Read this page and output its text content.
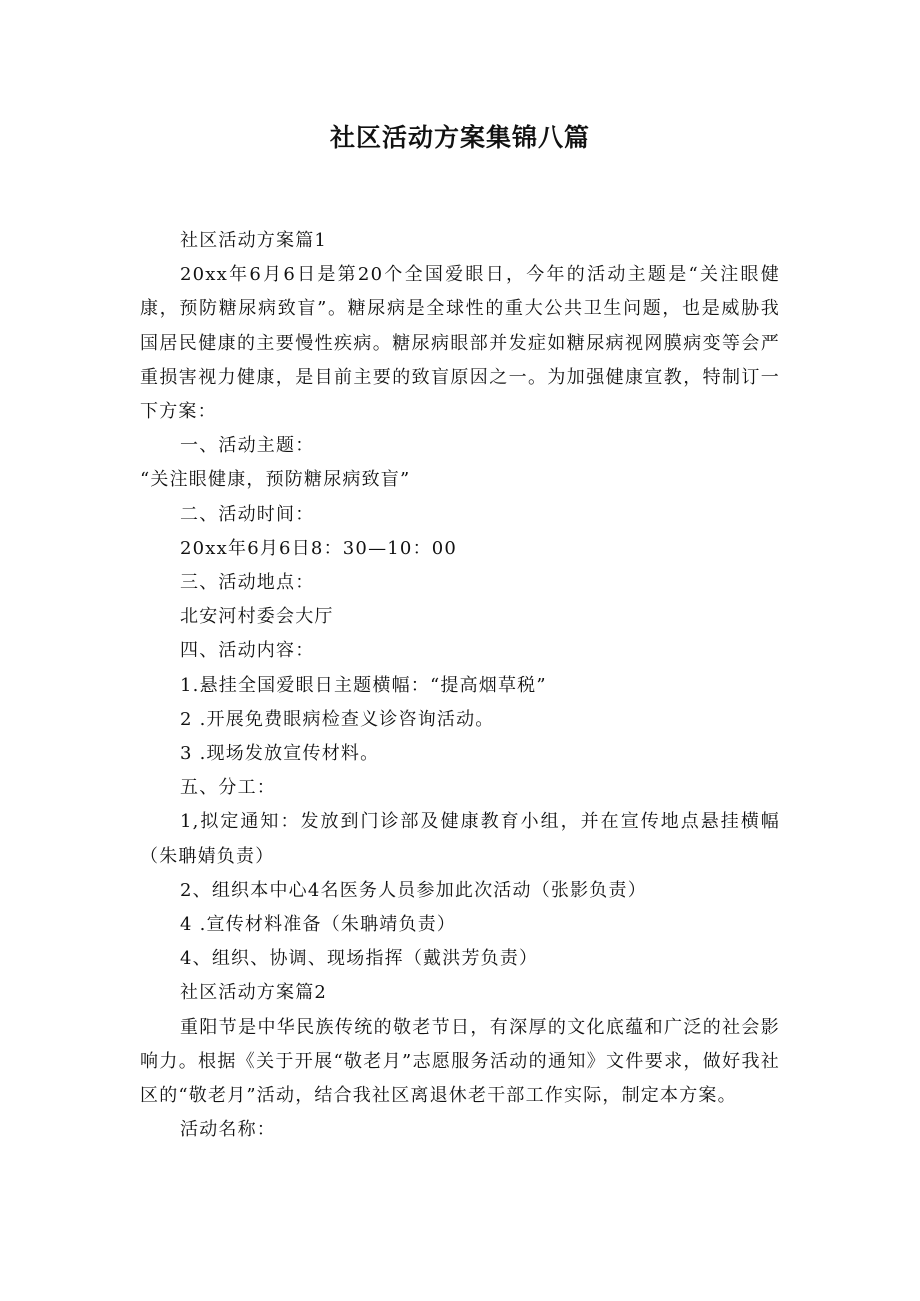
社区活动方案集锦八篇

社区活动方案篇1

20xx年6月6日是第20个全国爱眼日，今年的活动主题是“关注眼健康，预防糖尿病致盲”。糖尿病是全球性的重大公共卫生问题，也是威胁我国居民健康的主要慢性疾病。糖尿病眼部并发症如糖尿病视网膜病变等会严重损害视力健康，是目前主要的致盲原因之一。为加强健康宣教，特制订一下方案：

一、活动主题：

“关注眼健康，预防糖尿病致盲”

二、活动时间：

20xx年6月6日8：30—10：00

三、活动地点：

北安河村委会大厅

四、活动内容：

1.悬挂全国爱眼日主题横幅：“提高烟草税”

2 .开展免费眼病检查义诊咨询活动。

3 .现场发放宣传材料。

五、分工：

1,拟定通知：发放到门诊部及健康教育小组，并在宣传地点悬挂横幅（朱聃婧负责）

2、组织本中心4名医务人员参加此次活动（张影负责）

4 .宣传材料准备（朱聃靖负责）

4、组织、协调、现场指挥（戴洪芳负责）

社区活动方案篇2

重阳节是中华民族传统的敬老节日，有深厚的文化底蕴和广泛的社会影响力。根据《关于开展“敬老月”志愿服务活动的通知》文件要求，做好我社区的“敬老月”活动，结合我社区离退休老干部工作实际，制定本方案。

活动名称：
